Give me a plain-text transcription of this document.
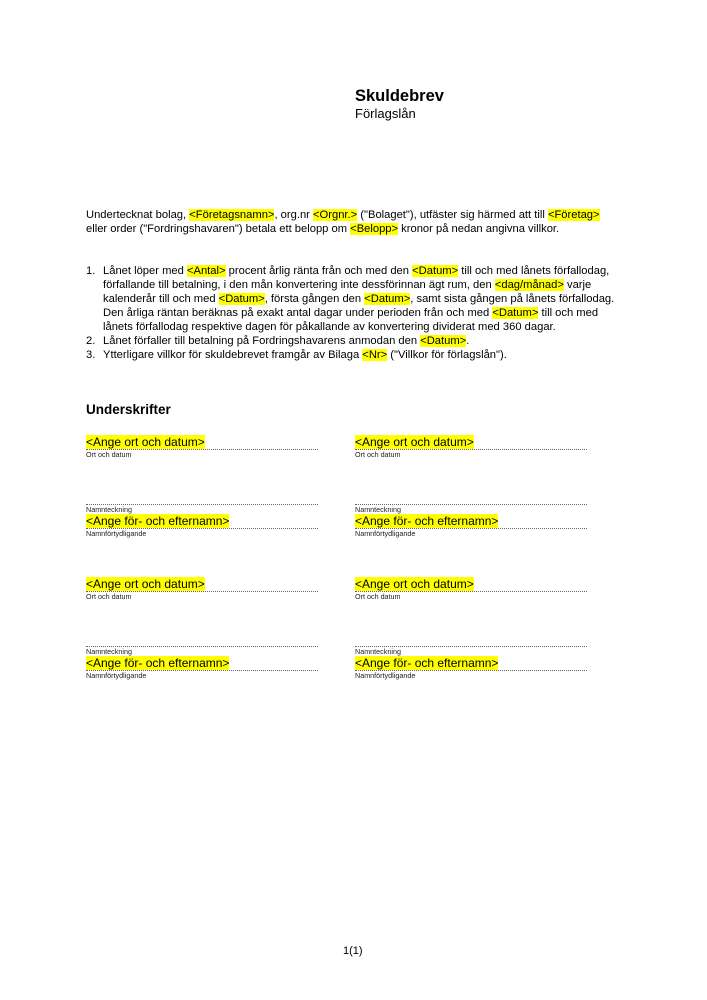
Skuldebrev
Förlagslån
Undertecknat bolag, <Företagsnamn>, org.nr <Orgnr.> ("Bolaget"), utfäster sig härmed att till <Företag> eller order ("Fordringshavaren") betala ett belopp om <Belopp> kronor på nedan angivna villkor.
1. Lånet löper med <Antal> procent årlig ränta från och med den <Datum> till och med lånets förfallodag, förfallande till betalning, i den mån konvertering inte dessförinnan ägt rum, den <dag/månad> varje kalenderår till och med <Datum>, första gången den <Datum>, samt sista gången på lånets förfallodag. Den årliga räntan beräknas på exakt antal dagar under perioden från och med <Datum> till och med lånets förfallodag respektive dagen för påkallande av konvertering dividerat med 360 dagar.
2. Lånet förfaller till betalning på Fordringshavarens anmodan den <Datum>.
3. Ytterligare villkor för skuldebrevet framgår av Bilaga <Nr> ("Villkor för förlagslån").
Underskrifter
<Ange ort och datum>
Ort och datum
Namnteckning
<Ange för- och efternamn>
Namnförtydligande
<Ange ort och datum>
Ort och datum
Namnteckning
<Ange för- och efternamn>
Namnförtydligande
<Ange ort och datum>
Ort och datum
Namnteckning
<Ange för- och efternamn>
Namnförtydligande
<Ange ort och datum>
Ort och datum
Namnteckning
<Ange för- och efternamn>
Namnförtydligande
1(1)
